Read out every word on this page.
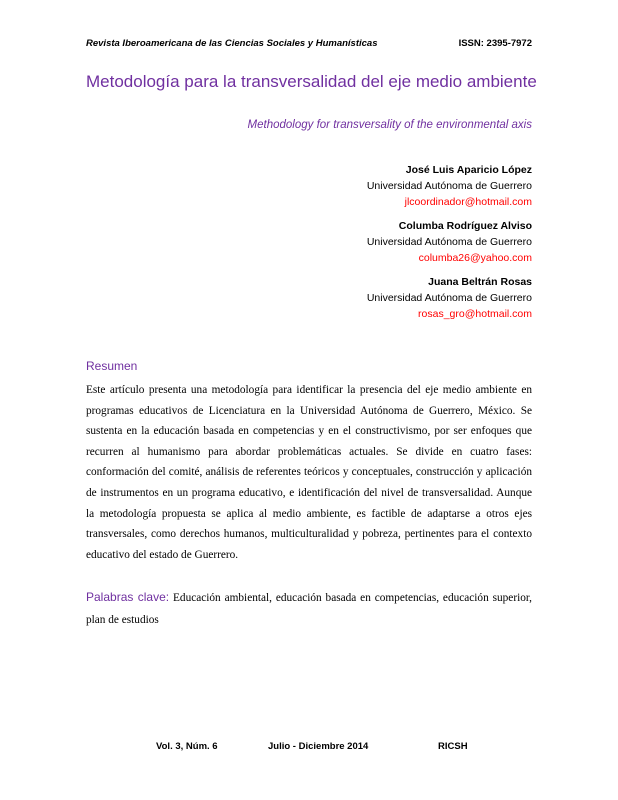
Revista Iberoamericana de las Ciencias Sociales y Humanísticas	ISSN: 2395-7972
Metodología para la transversalidad del eje medio ambiente
Methodology for transversality of the environmental axis
José Luis Aparicio López
Universidad Autónoma de Guerrero
jlcoordinador@hotmail.com
Columba Rodríguez Alviso
Universidad Autónoma de Guerrero
columba26@yahoo.com
Juana Beltrán Rosas
Universidad Autónoma de Guerrero
rosas_gro@hotmail.com
Resumen

Este artículo presenta una metodología para identificar la presencia del eje medio ambiente en programas educativos de Licenciatura en la Universidad Autónoma de Guerrero, México. Se sustenta en la educación basada en competencias y en el constructivismo, por ser enfoques que recurren al humanismo para abordar problemáticas actuales. Se divide en cuatro fases: conformación del comité, análisis de referentes teóricos y conceptuales, construcción y aplicación de instrumentos en un programa educativo, e identificación del nivel de transversalidad. Aunque la metodología propuesta se aplica al medio ambiente, es factible de adaptarse a otros ejes transversales, como derechos humanos, multiculturalidad y pobreza, pertinentes para el contexto educativo del estado de Guerrero.

Palabras clave: Educación ambiental, educación basada en competencias, educación superior, plan de estudios

Vol. 3, Núm. 6	Julio - Diciembre 2014	RICSH
